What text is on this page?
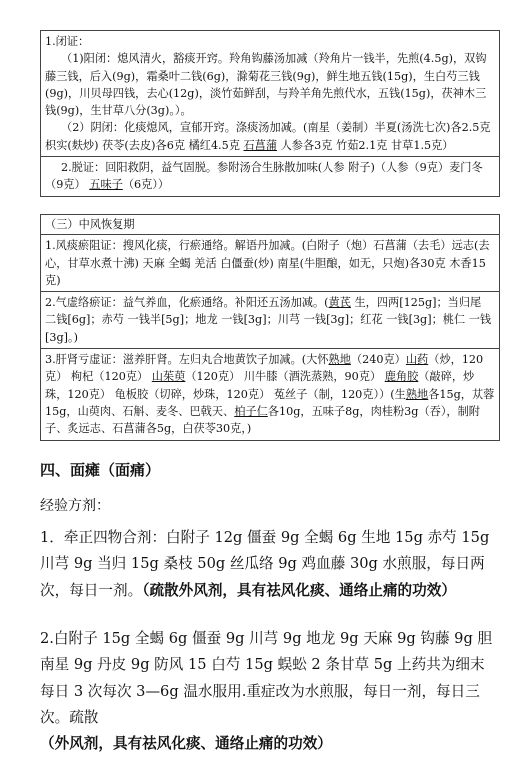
1.闭证：
（1)阳闭：熄风清火，豁痰开窍。羚角钩藤汤加减（羚角片一钱半，先煎(4.5g)，双钩藤三钱，后入(9g)，霜桑叶二钱(6g)，滁菊花三钱(9g)，鲜生地五钱(15g)，生白芍三钱(9g)，川贝母四钱，去心(12g)，淡竹茹鲜刮，与羚羊角先煎代水，五钱(15g)，茯神木三钱(9g)，生甘草八分(3g)。）。
（2）阴闭：化痰熄风，宣郁开窍。涤痰汤加减。(南星（姜制）半夏(汤洗七次)各2.5克 枳实(麸炒) 茯苓(去皮)各6克 橘红4.5克 石菖蒲 人参各3克 竹茹2.1克 甘草1.5克）
2.脱证：回阳救阴，益气固脱。参附汤合生脉散加味(人参 附子)（人参（9克）麦门冬（9克） 五味子（6克））
（三）中风恢复期
1.风痰瘀阻证：搜风化痰，行瘀通络。解语丹加减。(白附子（炮）石菖蒲（去毛）远志(去心，甘草水煮十沸) 天麻 全蝎 羌活 白僵蚕(炒) 南星(牛胆酿，如无，只炮)各30克 木香15克)
2.气虚络瘀证：益气养血，化瘀通络。补阳还五汤加减。(黄芪 生，四两[125g]；当归尾 二钱[6g]；赤芍 一钱半[5g]；地龙 一钱[3g]；川芎 一钱[3g]；红花 一钱[3g]；桃仁 一钱[3g]。)
3.肝肾亏虚证：滋养肝肾。左归丸合地黄饮子加减。(大怀熟地（240克）山药（炒，120克） 枸杞（120克） 山茱萸（120克） 川牛膝（酒洗蒸熟，90克） 鹿角胶（敲碎，炒珠，120克） 龟板胶（切碎，炒珠，120克） 菟丝子（制，120克））(生熟地各15g，苁蓉15g，山萸肉、石斛、麦冬、巴戟天、柏子仁各10g，五味子8g，肉桂粉3g（吞），制附子、炙远志、石菖蒲各5g，白茯苓30克，)
四、面瘫（面痛）
经验方剂：
1．牵正四物合剂：白附子 12g 僵蚕 9g 全蝎 6g 生地 15g 赤芍 15g 川芎 9g 当归 15g 桑枝 50g 丝瓜络 9g 鸡血藤 30g 水煎服，每日两次，每日一剂。（疏散外风剂，具有祛风化痰、通络止痛的功效）
2.白附子 15g 全蝎 6g 僵蚕 9g 川芎 9g 地龙 9g 天麻 9g 钩藤 9g 胆南星 9g 丹皮 9g 防风 15 白芍 15g 蜈蚣 2 条甘草 5g 上药共为细末每日 3 次每次 3—6g 温水服用.重症改为水煎服，每日一剂，每日三次。疏散
（外风剂，具有祛风化痰、通络止痛的功效）
